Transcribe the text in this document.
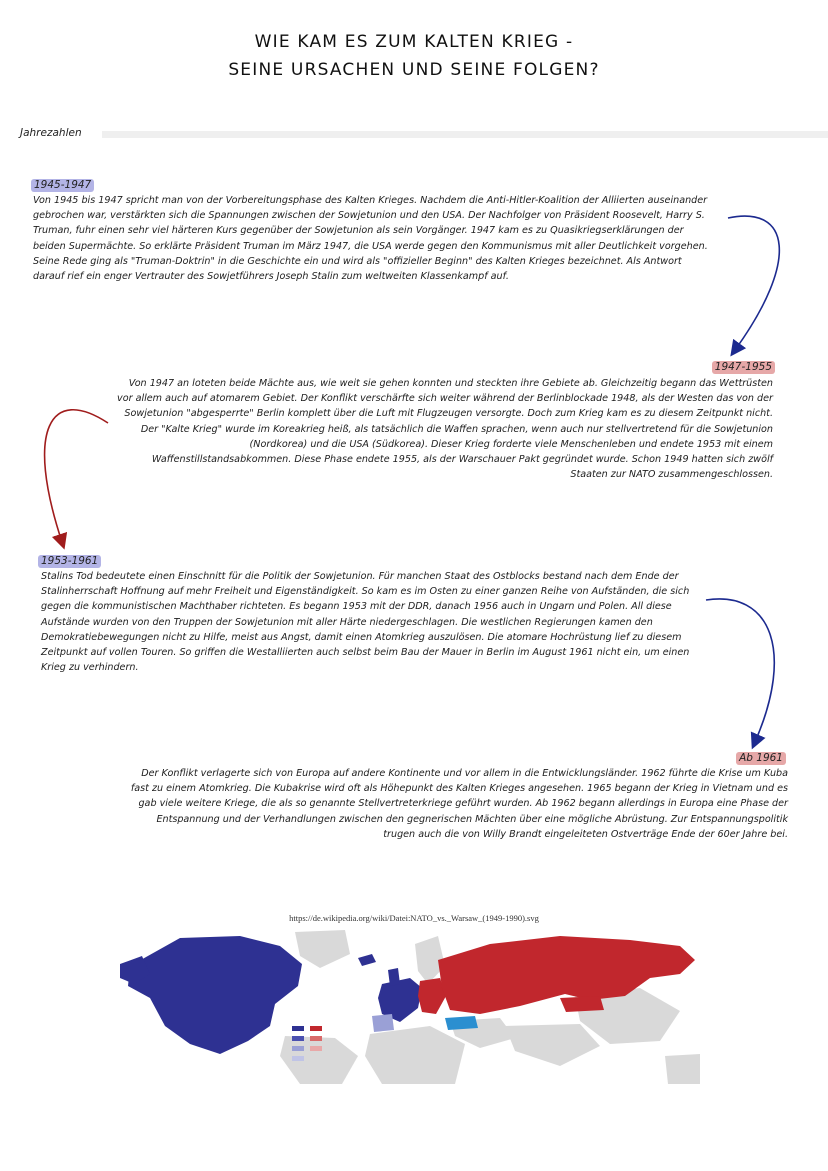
WIE KAM ES ZUM KALTEN KRIEG -
SEINE URSACHEN UND SEINE FOLGEN?
Jahrezahlen
1945-1947

Von 1945 bis 1947 spricht man von der Vorbereitungsphase des Kalten Krieges. Nachdem die Anti-Hitler-Koalition der Alliierten auseinander gebrochen war, verstärkten sich die Spannungen zwischen der Sowjetunion und den USA. Der Nachfolger von Präsident Roosevelt, Harry S. Truman, fuhr einen sehr viel härteren Kurs gegenüber der Sowjetunion als sein Vorgänger. 1947 kam es zu Quasikriegserklärungen der beiden Supermächte. So erklärte Präsident Truman im März 1947, die USA werde gegen den Kommunismus mit aller Deutlichkeit vorgehen. Seine Rede ging als "Truman-Doktrin" in die Geschichte ein und wird als "offizieller Beginn" des Kalten Krieges bezeichnet. Als Antwort darauf rief ein enger Vertrauter des Sowjetführers Joseph Stalin zum weltweiten Klassenkampf auf.

1947-1955

Von 1947 an loteten beide Mächte aus, wie weit sie gehen konnten und steckten ihre Gebiete ab. Gleichzeitig begann das Wettrüsten vor allem auch auf atomarem Gebiet. Der Konflikt verschärfte sich weiter während der Berlinblockade 1948, als der Westen das von der Sowjetunion "abgesperrte" Berlin komplett über die Luft mit Flugzeugen versorgte. Doch zum Krieg kam es zu diesem Zeitpunkt nicht. Der "Kalte Krieg" wurde im Koreakrieg heiß, als tatsächlich die Waffen sprachen, wenn auch nur stellvertretend für die Sowjetunion (Nordkorea) und die USA (Südkorea). Dieser Krieg forderte viele Menschenleben und endete 1953 mit einem Waffenstillstandsabkommen. Diese Phase endete 1955, als der Warschauer Pakt gegründet wurde. Schon 1949 hatten sich zwölf Staaten zur NATO zusammengeschlossen.

1953-1961

Stalins Tod bedeutete einen Einschnitt für die Politik der Sowjetunion. Für manchen Staat des Ostblocks bestand nach dem Ende der Stalinherrschaft Hoffnung auf mehr Freiheit und Eigenständigkeit. So kam es im Osten zu einer ganzen Reihe von Aufständen, die sich gegen die kommunistischen Machthaber richteten. Es begann 1953 mit der DDR, danach 1956 auch in Ungarn und Polen. All diese Aufstände wurden von den Truppen der Sowjetunion mit aller Härte niedergeschlagen. Die westlichen Regierungen kamen den Demokratiebewegungen nicht zu Hilfe, meist aus Angst, damit einen Atomkrieg auszulösen. Die atomare Hochrüstung lief zu diesem Zeitpunkt auf vollen Touren. So griffen die Westalliierten auch selbst beim Bau der Mauer in Berlin im August 1961 nicht ein, um einen Krieg zu verhindern.

Ab 1961

Der Konflikt verlagerte sich von Europa auf andere Kontinente und vor allem in die Entwicklungsländer. 1962 führte die Krise um Kuba fast zu einem Atomkrieg. Die Kubakrise wird oft als Höhepunkt des Kalten Krieges angesehen. 1965 begann der Krieg in Vietnam und es gab viele weitere Kriege, die als so genannte Stellvertreterkriege geführt wurden. Ab 1962 begann allerdings in Europa eine Phase der Entspannung und der Verhandlungen zwischen den gegnerischen Mächten über eine mögliche Abrüstung. Zur Entspannungspolitik trugen auch die von Willy Brandt eingeleiteten Ostverträge Ende der 60er Jahre bei.

https://de.wikipedia.org/wiki/Datei:NATO_vs._Warsaw_(1949-1990).svg
